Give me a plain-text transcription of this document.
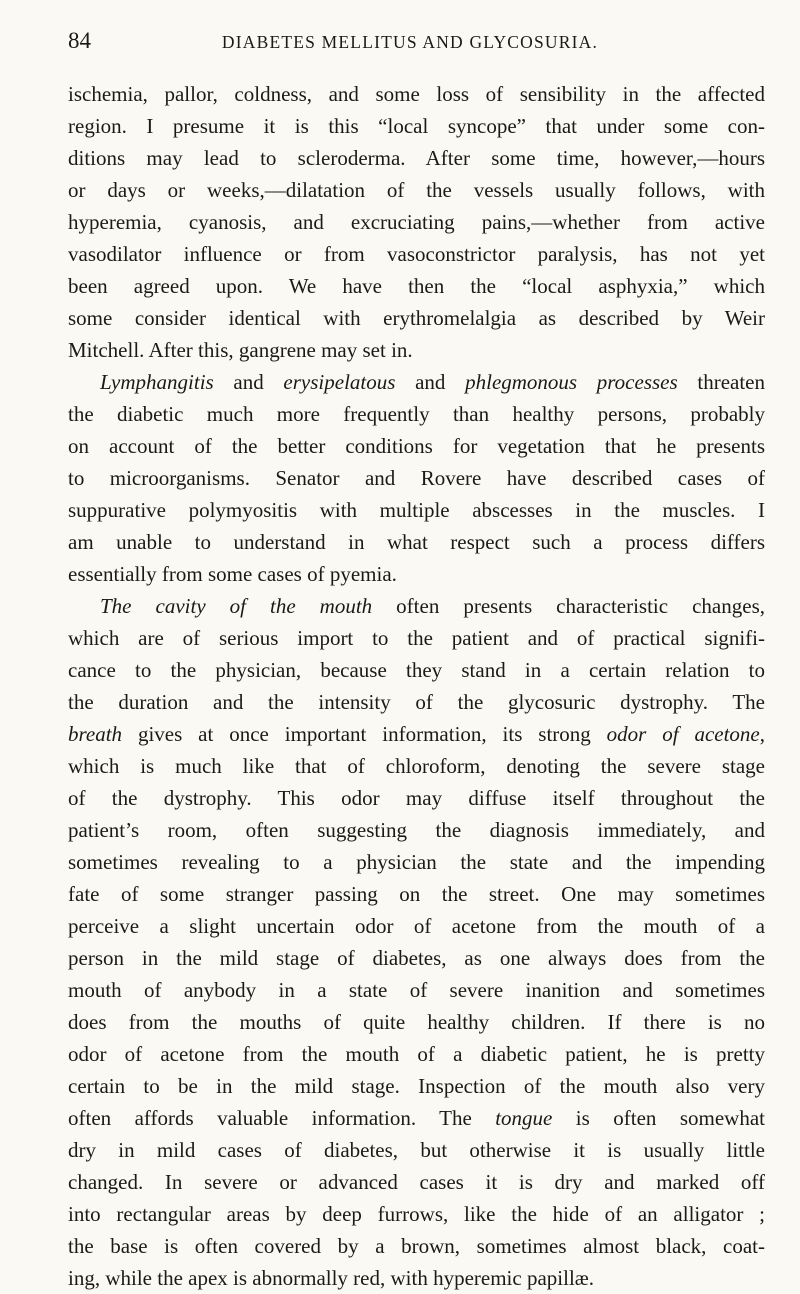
84	DIABETES MELLITUS AND GLYCOSURIA.
ischemia, pallor, coldness, and some loss of sensibility in the affected
region. I presume it is this “local syncope” that under some con-
ditions may lead to scleroderma. After some time, however,—hours
or days or weeks,—dilatation of the vessels usually follows, with
hyperemia, cyanosis, and excruciating pains,—whether from active
vasodilator influence or from vasoconstrictor paralysis, has not yet
been agreed upon. We have then the “local asphyxia,” which
some consider identical with erythromelalgia as described by Weir
Mitchell. After this, gangrene may set in.
Lymphangitis and erysipelatous and phlegmonous processes threaten
the diabetic much more frequently than healthy persons, probably
on account of the better conditions for vegetation that he presents
to microorganisms. Senator and Rovere have described cases of
suppurative polymyositis with multiple abscesses in the muscles. I
am unable to understand in what respect such a process differs
essentially from some cases of pyemia.
The cavity of the mouth often presents characteristic changes,
which are of serious import to the patient and of practical signifi-
cance to the physician, because they stand in a certain relation to
the duration and the intensity of the glycosuric dystrophy. The
breath gives at once important information, its strong odor of acetone,
which is much like that of chloroform, denoting the severe stage
of the dystrophy. This odor may diffuse itself throughout the
patient’s room, often suggesting the diagnosis immediately, and
sometimes revealing to a physician the state and the impending
fate of some stranger passing on the street. One may sometimes
perceive a slight uncertain odor of acetone from the mouth of a
person in the mild stage of diabetes, as one always does from the
mouth of anybody in a state of severe inanition and sometimes
does from the mouths of quite healthy children. If there is no
odor of acetone from the mouth of a diabetic patient, he is pretty
certain to be in the mild stage. Inspection of the mouth also very
often affords valuable information. The tongue is often somewhat
dry in mild cases of diabetes, but otherwise it is usually little
changed. In severe or advanced cases it is dry and marked off
into rectangular areas by deep furrows, like the hide of an alligator ;
the base is often covered by a brown, sometimes almost black, coat-
ing, while the apex is abnormally red, with hyperemic papillæ.
